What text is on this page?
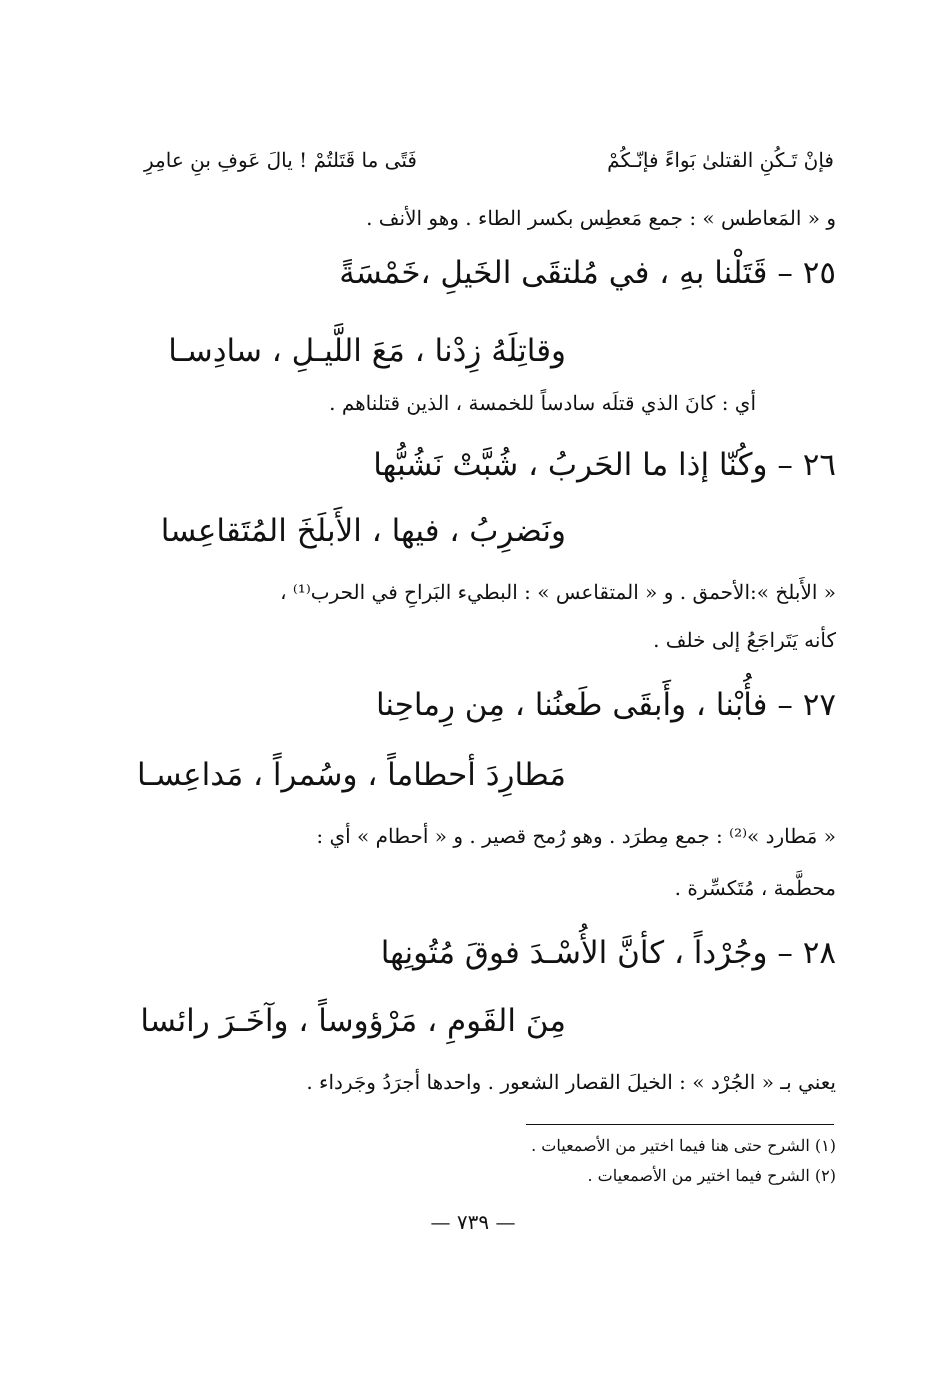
فإنْ تَـكُنِ القتلىٰ بَواءً فإنّـكُمْ
فَتًى ما قَتَلتُمْ ! يالَ عَوفِ بنِ عامِرِ
و « المَعاطس » : جمع مَعطِس بكسر الطاء . وهو الأنف .
٢٥ – قَتَلْنا بهِ ، في مُلتقَى الخَيلِ ،خَمْسَةً
وقاتِلَهُ زِدْنا ، مَعَ اللَّيـلِ ، سادِسـا
أي : كانَ الذي قتلَه سادساً للخمسة ، الذين قتلناهم .
٢٦ – وكُنّا إذا ما الحَربُ ، شُبَّتْ نَشُبُّها
ونَضرِبُ ، فيها ، الأَبلَخَ المُتَقاعِسا
« الأَبلخ »:الأحمق . و « المتقاعس » : البطيء البَراحِ في الحرب⁽¹⁾ ،
كأنه يَتَراجَعُ إلى خلف .
٢٧ – فأُبْنا ، وأَبقَى طَعنُنا ، مِن رِماحِنا
مَطارِدَ أحطاماً ، وسُمراً ، مَداعِسـا
« مَطارد »⁽²⁾ : جمع مِطرَد . وهو رُمح قصير . و « أحطام » أي :
محطَّمة ، مُتَكسِّرة .
٢٨ – وجُرْداً ، كأنَّ الأُسْـدَ فوقَ مُتُونِها
مِنَ القَومِ ، مَرْؤوساً ، وآخَـرَ رائسا
يعني بـ « الجُرْد » : الخيلَ القصار الشعور . واحدها أجرَدُ وجَرداء .
(١) الشرح حتى هنا فيما اختير من الأصمعيات .
(٢) الشرح فيما اختير من الأصمعيات .
— ٧٣٩ —
